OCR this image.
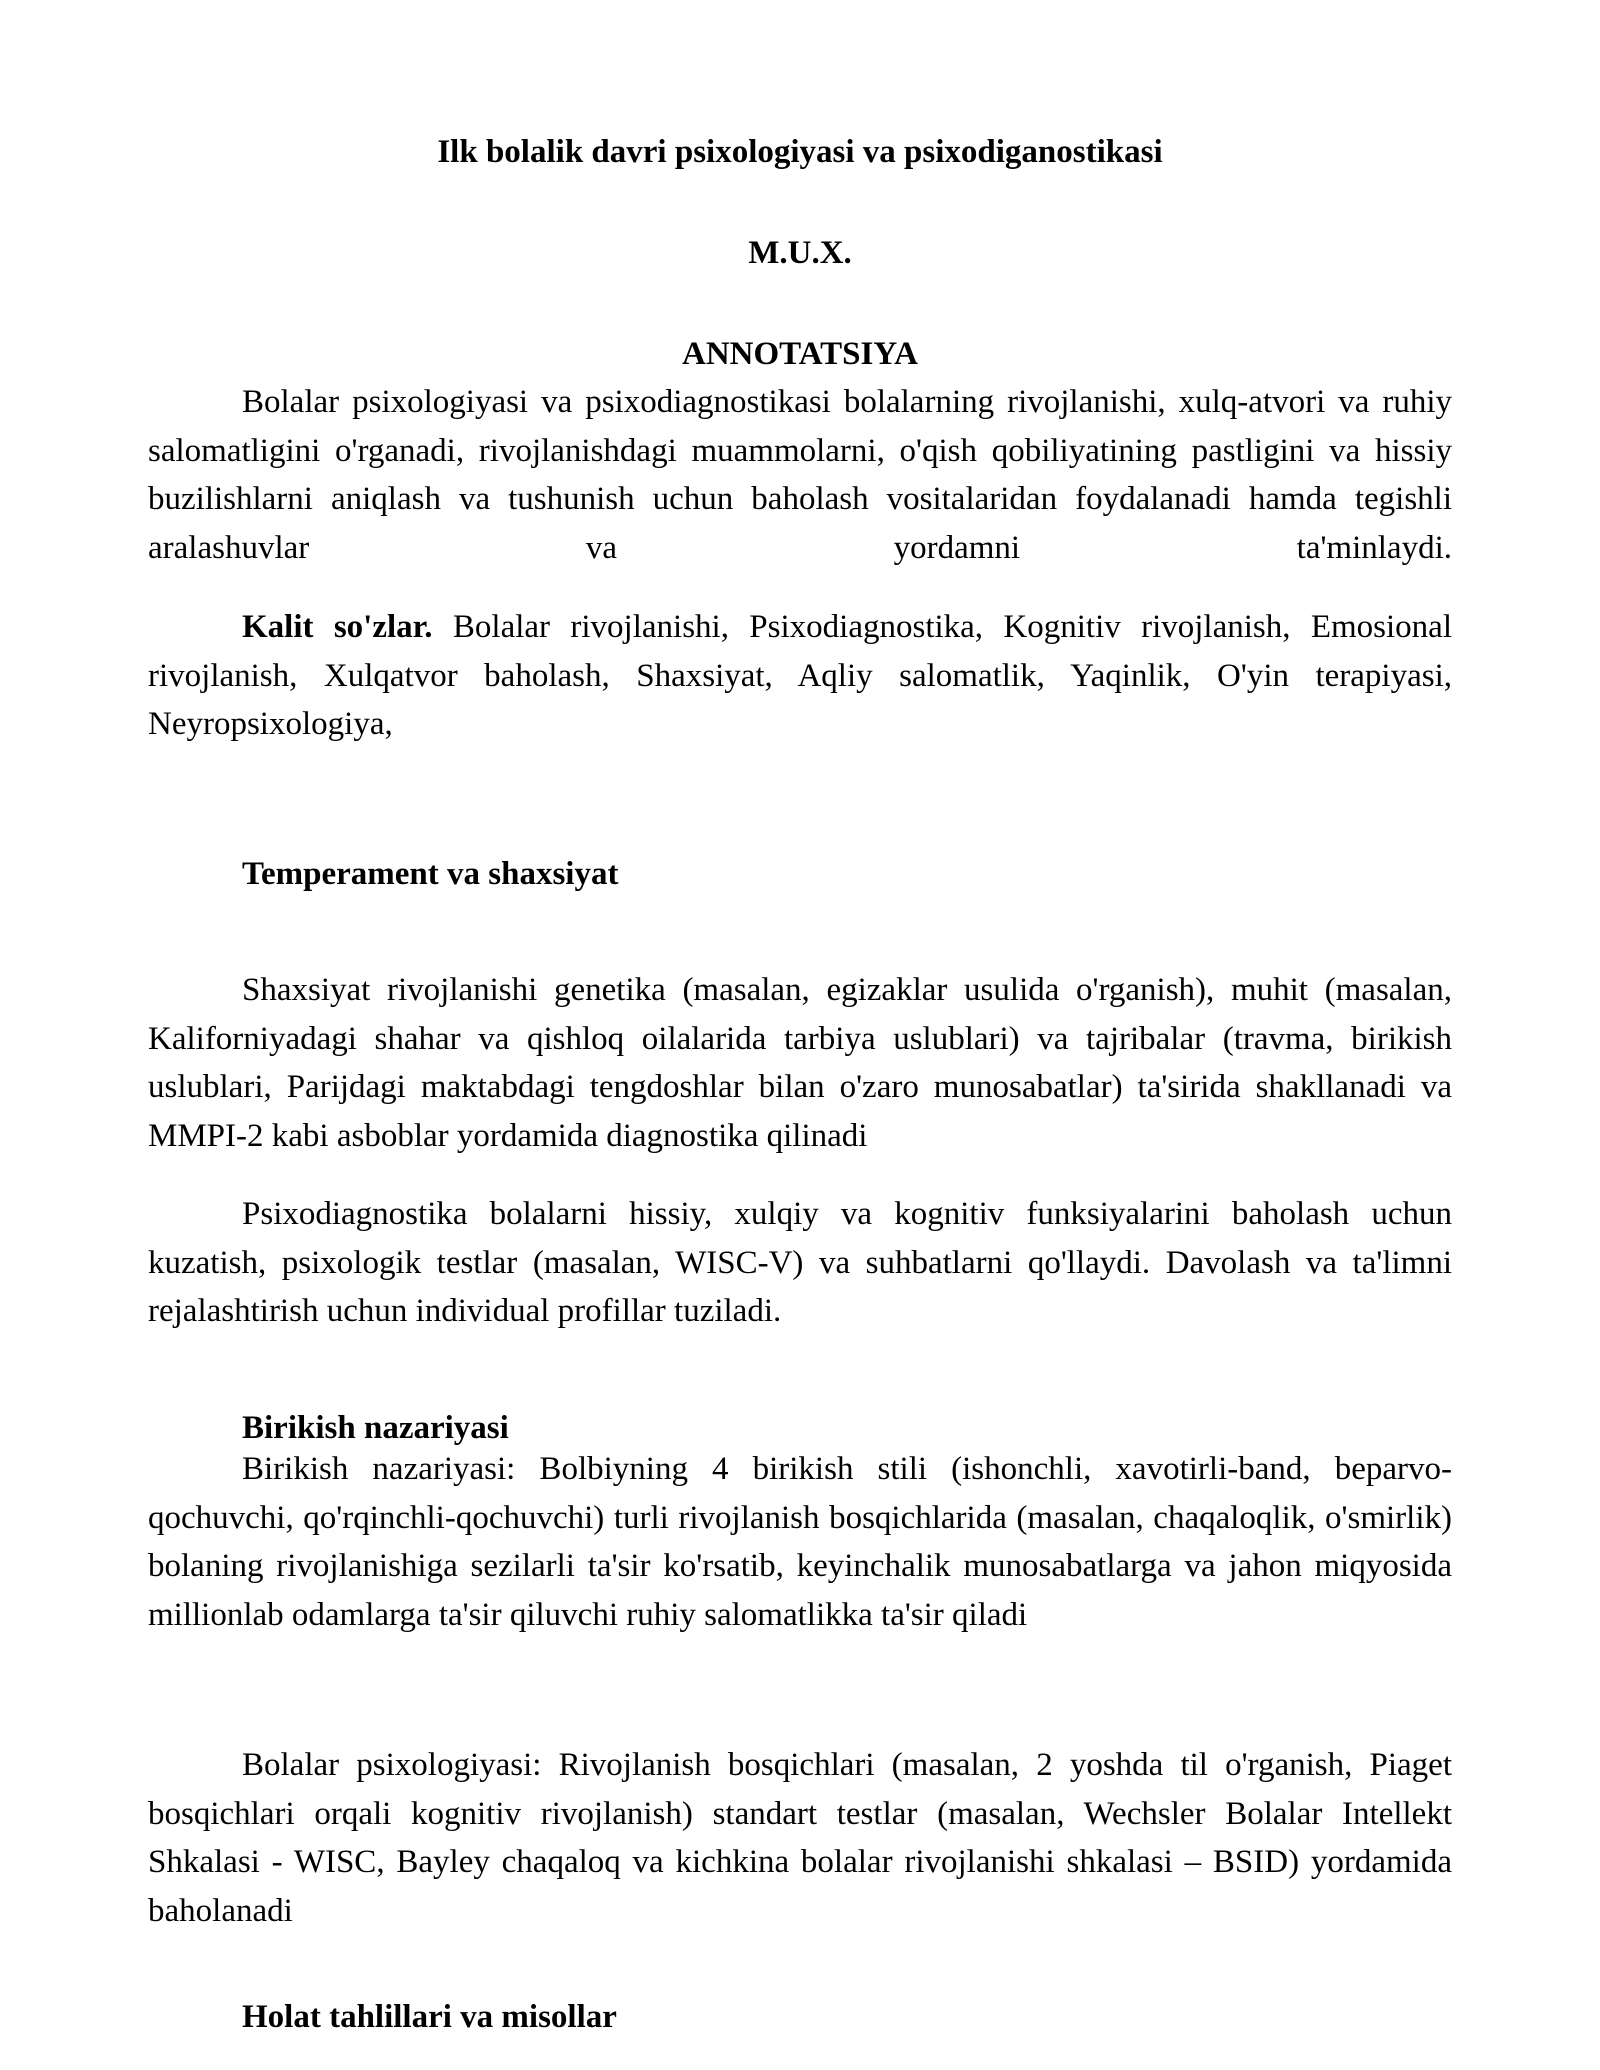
Ilk bolalik davri psixologiyasi va psixodiganostikasi
M.U.X.
ANNOTATSIYA

Bolalar psixologiyasi va psixodiagnostikasi bolalarning rivojlanishi, xulq-atvori va ruhiy salomatligini o'rganadi, rivojlanishdagi muammolarni, o'qish qobiliyatining pastligini va hissiy buzilishlarni aniqlash va tushunish uchun baholash vositalaridan foydalanadi hamda tegishli aralashuvlar va yordamni ta'minlaydi.

Kalit so'zlar. Bolalar rivojlanishi, Psixodiagnostika, Kognitiv rivojlanish, Emosional rivojlanish, Xulqatvor baholash, Shaxsiyat, Aqliy salomatlik, Yaqinlik, O'yin terapiyasi, Neyropsixologiya,

Temperament va shaxsiyat

Shaxsiyat rivojlanishi genetika (masalan, egizaklar usulida o'rganish), muhit (masalan, Kaliforniyadagi shahar va qishloq oilalarida tarbiya uslublari) va tajribalar (travma, birikish uslublari, Parijdagi maktabdagi tengdoshlar bilan o'zaro munosabatlar) ta'sirida shakllanadi va MMPI-2 kabi asboblar yordamida diagnostika qilinadi

Psixodiagnostika bolalarni hissiy, xulqiy va kognitiv funksiyalarini baholash uchun kuzatish, psixologik testlar (masalan, WISC-V) va suhbatlarni qo'llaydi. Davolash va ta'limni rejalashtirish uchun individual profillar tuziladi.

Birikish nazariyasi

Birikish nazariyasi: Bolbiyning 4 birikish stili (ishonchli, xavotirli-band, beparvo-qochuvchi, qo'rqinchli-qochuvchi) turli rivojlanish bosqichlarida (masalan, chaqaloqlik, o'smirlik) bolaning rivojlanishiga sezilarli ta'sir ko'rsatib, keyinchalik munosabatlarga va jahon miqyosida millionlab odamlarga ta'sir qiluvchi ruhiy salomatlikka ta'sir qiladi

Bolalar psixologiyasi: Rivojlanish bosqichlari (masalan, 2 yoshda til o'rganish, Piaget bosqichlari orqali kognitiv rivojlanish) standart testlar (masalan, Wechsler Bolalar Intellekt Shkalasi - WISC, Bayley chaqaloq va kichkina bolalar rivojlanishi shkalasi – BSID) yordamida baholanadi

Holat tahlillari va misollar
